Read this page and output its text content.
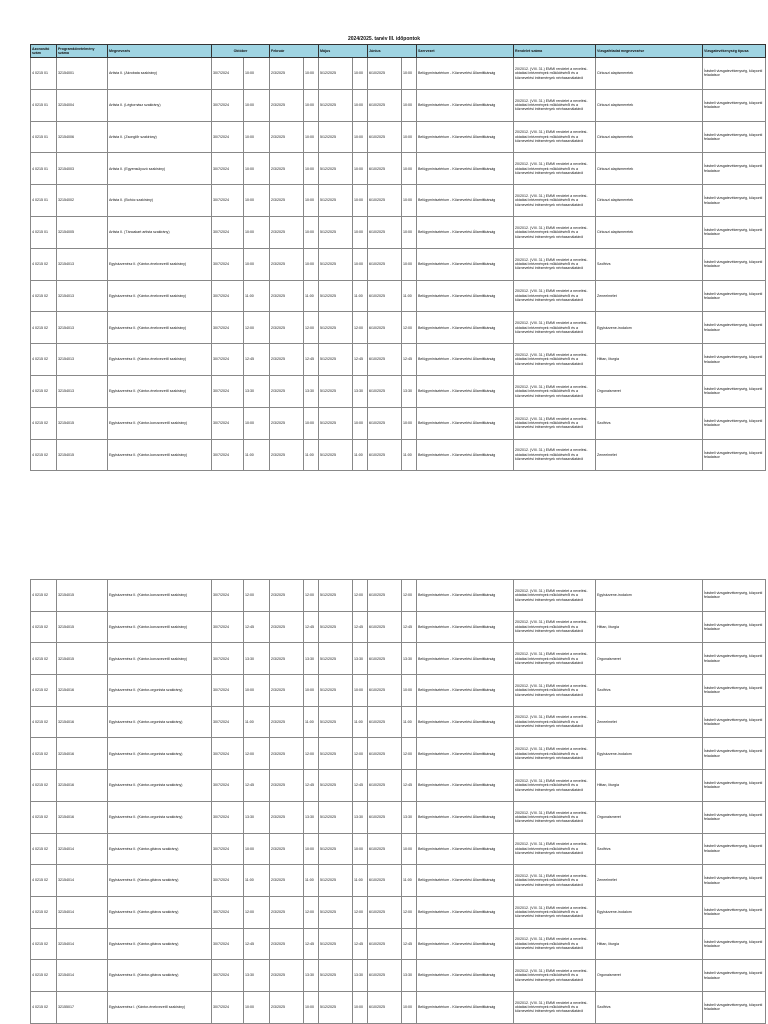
2024/2025. tanév III. időpontok
Azonosító szám	Programkövetelmény száma	Megnevezés	Október		Február		Május		Június		Szervezet	Rendelet száma	Vizsgafeladat megnevezése	Vizsgatevékenység típusa
4 0215 01	32154001	Artista II. (Akrobata szakirány)	30/7/2024	10:00	2/3/2025	10:00	5/12/2025	10:00	6/10/2025	10:00	Belügyminisztérium - Köznevelési Államtitkárság	20/2012. (VIII. 31.) EMMI rendelet a nevelési-oktatási intézmények működéséről és a köznevelési intézmények névhasználatáról	Cirkuszi alapismeretek	Írásbeli vizsgatevékenység, központi feladatsor
4 0215 01	32154004	Artista II. (Légtornász szakirány)	30/7/2024	10:00	2/3/2025	10:00	5/12/2025	10:00	6/10/2025	10:00	Belügyminisztérium - Köznevelési Államtitkárság	20/2012. (VIII. 31.) EMMI rendelet a nevelési-oktatási intézmények működéséről és a köznevelési intézmények névhasználatáról	Cirkuszi alapismeretek	Írásbeli vizsgatevékenység, központi feladatsor
4 0215 01	32154006	Artista II. (Zsonglőr szakirány)	30/7/2024	10:00	2/3/2025	10:00	5/12/2025	10:00	6/10/2025	10:00	Belügyminisztérium - Köznevelési Államtitkárság	20/2012. (VIII. 31.) EMMI rendelet a nevelési-oktatási intézmények működéséről és a köznevelési intézmények névhasználatáról	Cirkuszi alapismeretek	Írásbeli vizsgatevékenység, központi feladatsor
4 0215 01	32154003	Artista II. (Egyensúlyozó szakirány)	30/7/2024	10:00	2/3/2025	10:00	5/12/2025	10:00	6/10/2025	10:00	Belügyminisztérium - Köznevelési Államtitkárság	20/2012. (VIII. 31.) EMMI rendelet a nevelési-oktatási intézmények működéséről és a köznevelési intézmények névhasználatáról	Cirkuszi alapismeretek	Írásbeli vizsgatevékenység, központi feladatsor
4 0215 01	32154002	Artista II. (Bohóc szakirány)	30/7/2024	10:00	2/3/2025	10:00	5/12/2025	10:00	6/10/2025	10:00	Belügyminisztérium - Köznevelési Államtitkárság	20/2012. (VIII. 31.) EMMI rendelet a nevelési-oktatási intézmények működéséről és a köznevelési intézmények névhasználatáról	Cirkuszi alapismeretek	Írásbeli vizsgatevékenység, központi feladatsor
4 0215 01	32154005	Artista II. (Táncakart artista szakirány)	30/7/2024	10:00	2/3/2025	10:00	5/12/2025	10:00	6/10/2025	10:00	Belügyminisztérium - Köznevelési Államtitkárság	20/2012. (VIII. 31.) EMMI rendelet a nevelési-oktatási intézmények működéséről és a köznevelési intézmények névhasználatáról	Cirkuszi alapismeretek	Írásbeli vizsgatevékenység, központi feladatsor
4 0215 02	32154013	Egyházzenész II. (Kántor-énekvezető szakirány)	30/7/2024	10:00	2/3/2025	10:00	5/12/2025	10:00	6/10/2025	10:00	Belügyminisztérium - Köznevelési Államtitkárság	20/2012. (VIII. 31.) EMMI rendelet a nevelési-oktatási intézmények működéséről és a köznevelési intézmények névhasználatáról	Szolfézs	Írásbeli vizsgatevékenység, központi feladatsor
4 0215 02	32154013	Egyházzenész II. (Kántor-énekvezető szakirány)	30/7/2024	11:00	2/3/2025	11:00	5/12/2025	11:00	6/10/2025	11:00	Belügyminisztérium - Köznevelési Államtitkárság	20/2012. (VIII. 31.) EMMI rendelet a nevelési-oktatási intézmények működéséről és a köznevelési intézmények névhasználatáról	Zeneelmélet	Írásbeli vizsgatevékenység, központi feladatsor
4 0215 02	32154013	Egyházzenész II. (Kántor-énekvezető szakirány)	30/7/2024	12:00	2/3/2025	12:00	5/12/2025	12:00	6/10/2025	12:00	Belügyminisztérium - Köznevelési Államtitkárság	20/2012. (VIII. 31.) EMMI rendelet a nevelési-oktatási intézmények működéséről és a köznevelési intézmények névhasználatáról	Egyházzene-irodalom	Írásbeli vizsgatevékenység, központi feladatsor
4 0215 02	32154013	Egyházzenész II. (Kántor-énekvezető szakirány)	30/7/2024	12:45	2/3/2025	12:45	5/12/2025	12:45	6/10/2025	12:45	Belügyminisztérium - Köznevelési Államtitkárság	20/2012. (VIII. 31.) EMMI rendelet a nevelési-oktatási intézmények működéséről és a köznevelési intézmények névhasználatáról	Hittan, liturgia	Írásbeli vizsgatevékenység, központi feladatsor
4 0215 02	32154013	Egyházzenész II. (Kántor-énekvezető szakirány)	30/7/2024	13:30	2/3/2025	13:30	5/12/2025	13:30	6/10/2025	13:30	Belügyminisztérium - Köznevelési Államtitkárság	20/2012. (VIII. 31.) EMMI rendelet a nevelési-oktatási intézmények működéséről és a köznevelési intézmények névhasználatáról	Orgonaismeret	Írásbeli vizsgatevékenység, központi feladatsor
4 0215 02	32154015	Egyházzenész II. (Kántor-korusvezető szakirány)	30/7/2024	10:00	2/3/2025	10:00	5/12/2025	10:00	6/10/2025	10:00	Belügyminisztérium - Köznevelési Államtitkárság	20/2012. (VIII. 31.) EMMI rendelet a nevelési-oktatási intézmények működéséről és a köznevelési intézmények névhasználatáról	Szolfézs	Írásbeli vizsgatevékenység, központi feladatsor
4 0215 02	32154015	Egyházzenész II. (Kántor-korusvezető szakirány)	30/7/2024	11:00	2/3/2025	11:00	5/12/2025	11:00	6/10/2025	11:00	Belügyminisztérium - Köznevelési Államtitkárság	20/2012. (VIII. 31.) EMMI rendelet a nevelési-oktatási intézmények működéséről és a köznevelési intézmények névhasználatáról	Zeneelmélet	Írásbeli vizsgatevékenység, központi feladatsor
4 0215 02	32154015	Egyházzenész II. (Kántor-korusvezető szakirány)	30/7/2024	12:00	2/3/2025	12:00	5/12/2025	12:00	6/10/2025	12:00	Belügyminisztérium - Köznevelési Államtitkárság	20/2012. (VIII. 31.) EMMI rendelet a nevelési-oktatási intézmények működéséről és a köznevelési intézmények névhasználatáról	Egyházzene-irodalom	Írásbeli vizsgatevékenység, központi feladatsor
4 0215 02	32154015	Egyházzenész II. (Kántor-korusvezető szakirány)	30/7/2024	12:45	2/3/2025	12:45	5/12/2025	12:45	6/10/2025	12:45	Belügyminisztérium - Köznevelési Államtitkárság	20/2012. (VIII. 31.) EMMI rendelet a nevelési-oktatási intézmények működéséről és a köznevelési intézmények névhasználatáról	Hittan, liturgia	Írásbeli vizsgatevékenység, központi feladatsor
4 0215 02	32154015	Egyházzenész II. (Kántor-korusvezető szakirány)	30/7/2024	13:30	2/3/2025	13:30	5/12/2025	13:30	6/10/2025	13:30	Belügyminisztérium - Köznevelési Államtitkárság	20/2012. (VIII. 31.) EMMI rendelet a nevelési-oktatási intézmények működéséről és a köznevelési intézmények névhasználatáról	Orgonaismeret	Írásbeli vizsgatevékenység, központi feladatsor
4 0215 02	32154016	Egyházzenész II. (Kántor-orgonista szakirány)	30/7/2024	10:00	2/3/2025	10:00	5/12/2025	10:00	6/10/2025	10:00	Belügyminisztérium - Köznevelési Államtitkárság	20/2012. (VIII. 31.) EMMI rendelet a nevelési-oktatási intézmények működéséről és a köznevelési intézmények névhasználatáról	Szolfézs	Írásbeli vizsgatevékenység, központi feladatsor
4 0215 02	32154016	Egyházzenész II. (Kántor-orgonista szakirány)	30/7/2024	11:00	2/3/2025	11:00	5/12/2025	11:00	6/10/2025	11:00	Belügyminisztérium - Köznevelési Államtitkárság	20/2012. (VIII. 31.) EMMI rendelet a nevelési-oktatási intézmények működéséről és a köznevelési intézmények névhasználatáról	Zeneelmélet	Írásbeli vizsgatevékenység, központi feladatsor
4 0215 02	32154016	Egyházzenész II. (Kántor-orgonista szakirány)	30/7/2024	12:00	2/3/2025	12:00	5/12/2025	12:00	6/10/2025	12:00	Belügyminisztérium - Köznevelési Államtitkárság	20/2012. (VIII. 31.) EMMI rendelet a nevelési-oktatási intézmények működéséről és a köznevelési intézmények névhasználatáról	Egyházzene-irodalom	Írásbeli vizsgatevékenység, központi feladatsor
4 0215 02	32154016	Egyházzenész II. (Kántor-orgonista szakirány)	30/7/2024	12:45	2/3/2025	12:45	5/12/2025	12:45	6/10/2025	12:45	Belügyminisztérium - Köznevelési Államtitkárság	20/2012. (VIII. 31.) EMMI rendelet a nevelési-oktatási intézmények működéséről és a köznevelési intézmények névhasználatáról	Hittan, liturgia	Írásbeli vizsgatevékenység, központi feladatsor
4 0215 02	32154016	Egyházzenész II. (Kántor-orgonista szakirány)	30/7/2024	13:30	2/3/2025	13:30	5/12/2025	13:30	6/10/2025	13:30	Belügyminisztérium - Köznevelési Államtitkárság	20/2012. (VIII. 31.) EMMI rendelet a nevelési-oktatási intézmények működéséről és a köznevelési intézmények névhasználatáról	Orgonaismeret	Írásbeli vizsgatevékenység, központi feladatsor
4 0215 02	32154014	Egyházzenész II. (Kántor-gitáros szakirány)	30/7/2024	10:00	2/3/2025	10:00	5/12/2025	10:00	6/10/2025	10:00	Belügyminisztérium - Köznevelési Államtitkárság	20/2012. (VIII. 31.) EMMI rendelet a nevelési-oktatási intézmények működéséről és a köznevelési intézmények névhasználatáról	Szolfézs	Írásbeli vizsgatevékenység, központi feladatsor
4 0215 02	32154014	Egyházzenész II. (Kántor-gitáros szakirány)	30/7/2024	11:00	2/3/2025	11:00	5/12/2025	11:00	6/10/2025	11:00	Belügyminisztérium - Köznevelési Államtitkárság	20/2012. (VIII. 31.) EMMI rendelet a nevelési-oktatási intézmények működéséről és a köznevelési intézmények névhasználatáról	Zeneelmélet	Írásbeli vizsgatevékenység, központi feladatsor
4 0215 02	32154014	Egyházzenész II. (Kántor-gitáros szakirány)	30/7/2024	12:00	2/3/2025	12:00	5/12/2025	12:00	6/10/2025	12:00	Belügyminisztérium - Köznevelési Államtitkárság	20/2012. (VIII. 31.) EMMI rendelet a nevelési-oktatási intézmények működéséről és a köznevelési intézmények névhasználatáról	Egyházzene-irodalom	Írásbeli vizsgatevékenység, központi feladatsor
4 0215 02	32154014	Egyházzenész II. (Kántor-gitáros szakirány)	30/7/2024	12:45	2/3/2025	12:45	5/12/2025	12:45	6/10/2025	12:45	Belügyminisztérium - Köznevelési Államtitkárság	20/2012. (VIII. 31.) EMMI rendelet a nevelési-oktatási intézmények működéséről és a köznevelési intézmények névhasználatáról	Hittan, liturgia	Írásbeli vizsgatevékenység, központi feladatsor
4 0215 02	32154014	Egyházzenész II. (Kántor-gitáros szakirány)	30/7/2024	13:30	2/3/2025	13:30	5/12/2025	13:30	6/10/2025	13:30	Belügyminisztérium - Köznevelési Államtitkárság	20/2012. (VIII. 31.) EMMI rendelet a nevelési-oktatási intézmények működéséről és a köznevelési intézmények névhasználatáról	Orgonaismeret	Írásbeli vizsgatevékenység, központi feladatsor
4 0215 02	32155017	Egyházzenész I. (Kántor-énekvezető szakirány)	30/7/2024	10:00	2/3/2025	10:00	5/12/2025	10:00	6/10/2025	10:00	Belügyminisztérium - Köznevelési Államtitkárság	20/2012. (VIII. 31.) EMMI rendelet a nevelési-oktatási intézmények működéséről és a köznevelési intézmények névhasználatáról	Szolfézs	Írásbeli vizsgatevékenység, központi feladatsor
